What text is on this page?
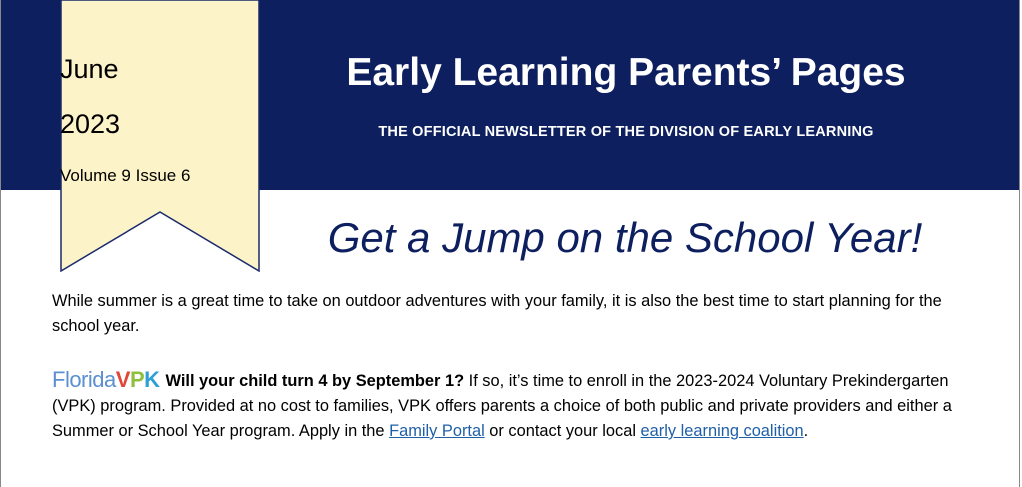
Early Learning Parents’ Pages
THE OFFICIAL NEWSLETTER OF THE DIVISION OF EARLY LEARNING
June
2023
Volume 9 Issue 6
Get a Jump on the School Year!
While summer is a great time to take on outdoor adventures with your family, it is also the best time to start planning for the school year.
FloridaVPK Will your child turn 4 by September 1? If so, it’s time to enroll in the 2023-2024 Voluntary Prekindergarten (VPK) program. Provided at no cost to families, VPK offers parents a choice of both public and private providers and either a Summer or School Year program. Apply in the Family Portal or contact your local early learning coalition.
